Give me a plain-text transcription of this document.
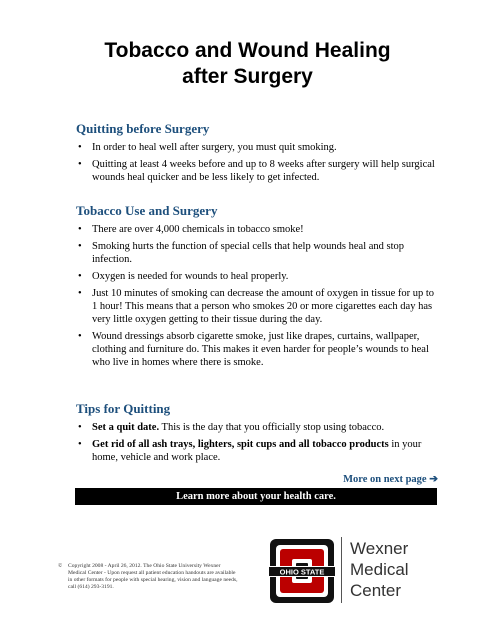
Tobacco and Wound Healing
after Surgery
Quitting before Surgery
• In order to heal well after surgery, you must quit smoking.
• Quitting at least 4 weeks before and up to 8 weeks after surgery will help surgical wounds heal quicker and be less likely to get infected.
Tobacco Use and Surgery
• There are over 4,000 chemicals in tobacco smoke!
• Smoking hurts the function of special cells that help wounds heal and stop infection.
• Oxygen is needed for wounds to heal properly.
• Just 10 minutes of smoking can decrease the amount of oxygen in tissue for up to 1 hour! This means that a person who smokes 20 or more cigarettes each day has very little oxygen getting to their tissue during the day.
• Wound dressings absorb cigarette smoke, just like drapes, curtains, wallpaper, clothing and furniture do. This makes it even harder for people’s wounds to heal who live in homes where there is smoke.
Tips for Quitting
• Set a quit date. This is the day that you officially stop using tobacco.
• Get rid of all ash trays, lighters, spit cups and all tobacco products in your home, vehicle and work place.
More on next page ➔
Learn more about your health care.
© Copyright 2008 - April 26, 2012. The Ohio State University Wexner Medical Center - Upon request all patient education handouts are available in other formats for people with special hearing, vision and language needs, call (614) 293-3191.
OHIO STATE
Wexner
Medical
Center
